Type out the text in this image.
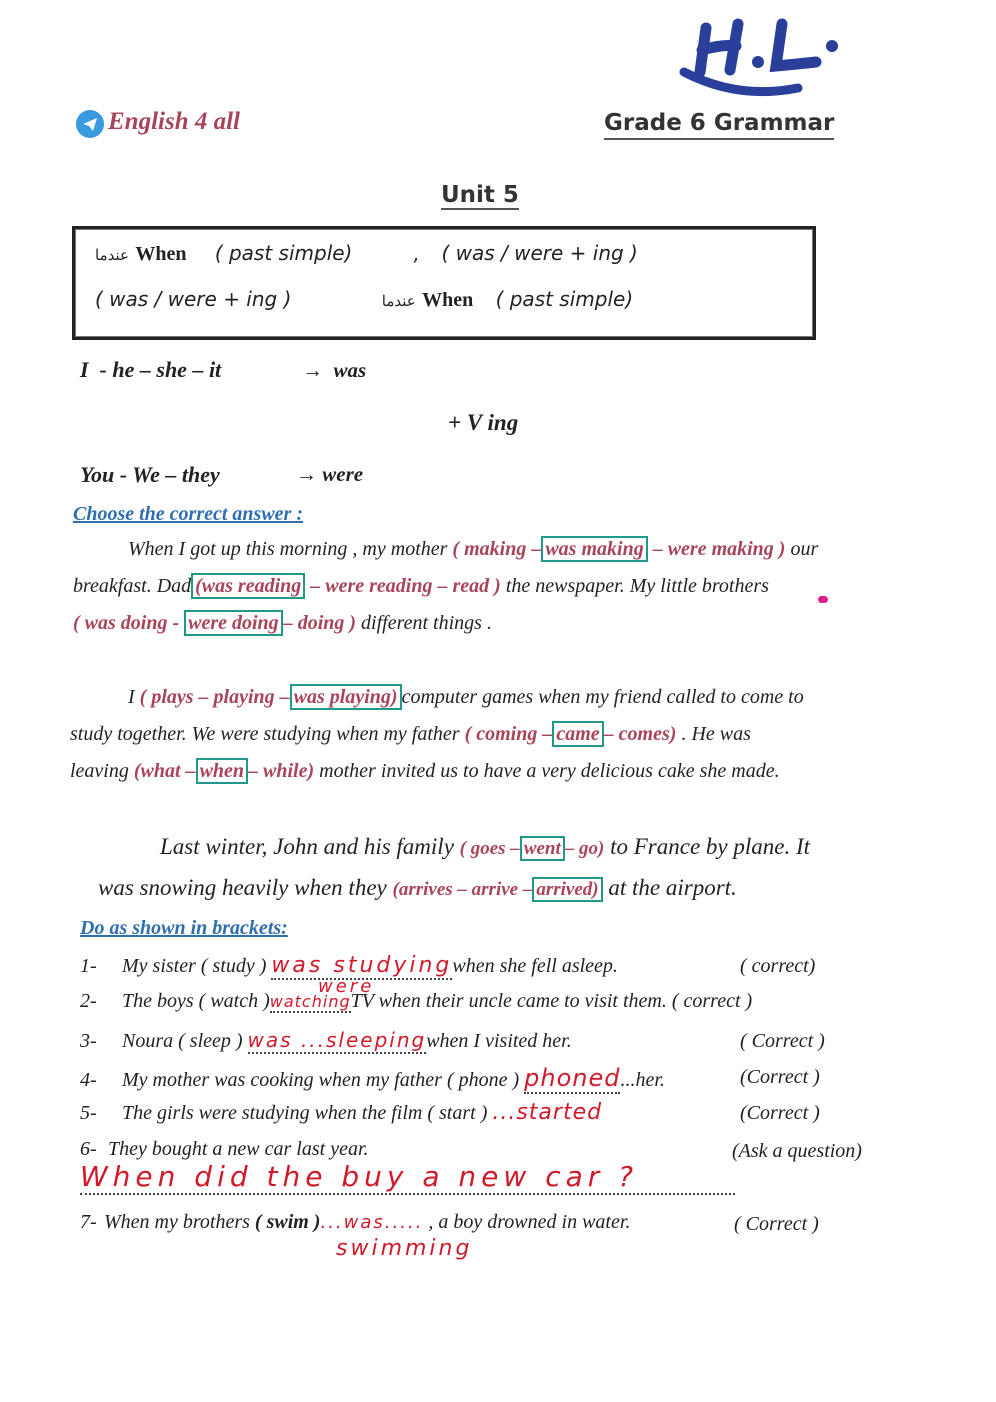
English 4 all	Grade 6 Grammar
Unit 5
عندما When ( past simple)	, ( was / were + ing )
( was / were + ing )	عندما When ( past simple)
I  - he – she – it	→  was
+ V ing
You - We – they	→ were
Choose the correct answer :
When I got up this morning , my mother ( making – was making – were making ) our
breakfast. Dad (was reading – were reading – read ) the newspaper. My little brothers
( was doing - were doing – doing ) different things .
I ( plays – playing – was playing) computer games when my friend called to come to
study together. We were studying when my father ( coming – came – comes) . He was
leaving (what – when – while) mother invited us to have a very delicious cake she made.
Last winter, John and his family ( goes – went – go) to France by plane. It
was snowing heavily when they (arrives – arrive – arrived) at the airport.
Do as shown in brackets:
1- My sister ( study ) was studyingwhen she fell asleep.	( correct)
were
2- The boys ( watch )watchingTV when their uncle came to visit them. ( correct )
3- Noura ( sleep ) was ...sleepingwhen I visited her.	( Correct )
4- My mother was cooking when my father ( phone ) phoned...her.	(Correct )
5- The girls were studying when the film ( start ) ...started	(Correct )
6- They bought a new car last year.	(Ask a question)
When did the buy a new car ?
7- When my brothers ( swim )...was..... , a boy drowned in water.	( Correct )
swimming
